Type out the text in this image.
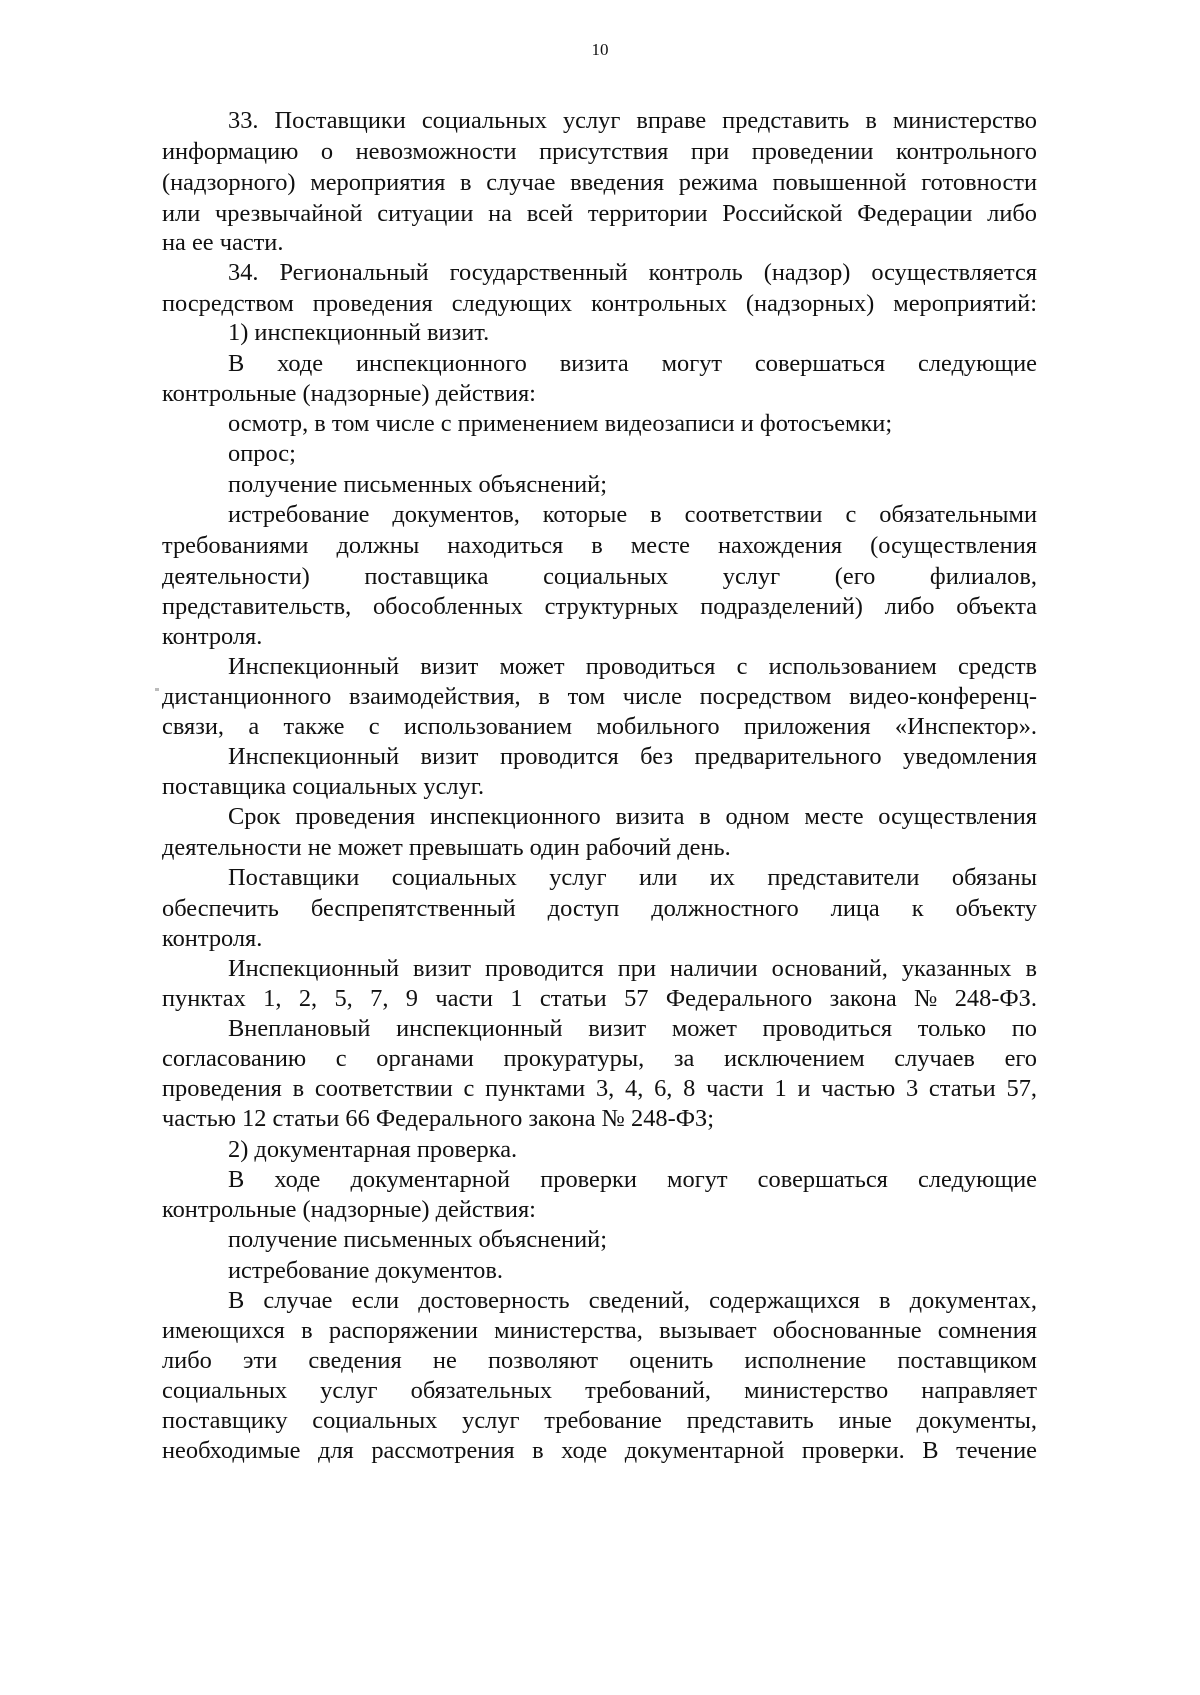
10
33. Поставщики социальных услуг вправе представить в министерство
информацию о невозможности присутствия при проведении контрольного
(надзорного) мероприятия в случае введения режима повышенной готовности
или чрезвычайной ситуации на всей территории Российской Федерации либо
на ее части.
34. Региональный государственный контроль (надзор) осуществляется
посредством проведения следующих контрольных (надзорных) мероприятий:
1) инспекционный визит.
В ходе инспекционного визита могут совершаться следующие
контрольные (надзорные) действия:
осмотр, в том числе с применением видеозаписи и фотосъемки;
опрос;
получение письменных объяснений;
истребование документов, которые в соответствии с обязательными
требованиями должны находиться в месте нахождения (осуществления
деятельности) поставщика социальных услуг (его филиалов,
представительств, обособленных структурных подразделений) либо объекта
контроля.
Инспекционный визит может проводиться с использованием средств
дистанционного взаимодействия, в том числе посредством видео-конференц-
связи, а также с использованием мобильного приложения «Инспектор».
Инспекционный визит проводится без предварительного уведомления
поставщика социальных услуг.
Срок проведения инспекционного визита в одном месте осуществления
деятельности не может превышать один рабочий день.
Поставщики социальных услуг или их представители обязаны
обеспечить беспрепятственный доступ должностного лица к объекту
контроля.
Инспекционный визит проводится при наличии оснований, указанных в
пунктах 1, 2, 5, 7, 9 части 1 статьи 57 Федерального закона № 248-ФЗ.
Внеплановый инспекционный визит может проводиться только по
согласованию с органами прокуратуры, за исключением случаев его
проведения в соответствии с пунктами 3, 4, 6, 8 части 1 и частью 3 статьи 57,
частью 12 статьи 66 Федерального закона № 248-ФЗ;
2) документарная проверка.
В ходе документарной проверки могут совершаться следующие
контрольные (надзорные) действия:
получение письменных объяснений;
истребование документов.
В случае если достоверность сведений, содержащихся в документах,
имеющихся в распоряжении министерства, вызывает обоснованные сомнения
либо эти сведения не позволяют оценить исполнение поставщиком
социальных услуг обязательных требований, министерство направляет
поставщику социальных услуг требование представить иные документы,
необходимые для рассмотрения в ходе документарной проверки. В течение
